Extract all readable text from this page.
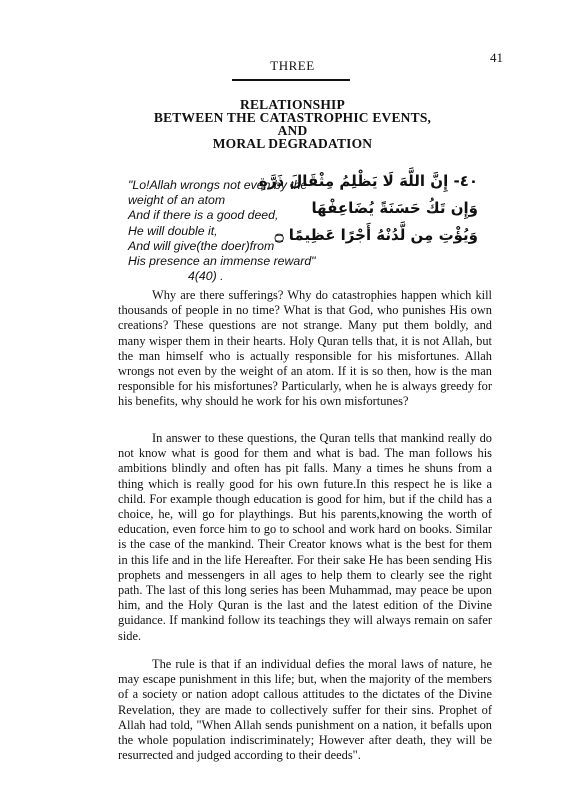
41
THREE
RELATIONSHIP
BETWEEN THE CATASTROPHIC EVENTS,
AND
MORAL DEGRADATION
"Lo!Allah wrongs not even by the
weight of an atom
And if there is a good deed,
He will double it,
And will give(the doer)from
His presence an immense reward"
4(40) .
٤٠- إِنَّ اللَّهَ لَا يَظْلِمُ مِثْقَالَ ذَرَّةٍ
وَإِن تَكُ حَسَنَةً يُضَاعِفْهَا
وَيُؤْتِ مِن لَّدُنْهُ أَجْرًا عَظِيمًا ۝
Why are there sufferings? Why do catastrophies happen which kill thousands of people in no time? What is that God, who punishes His own creations? These questions are not strange. Many put them boldly, and many wisper them in their hearts. Holy Quran tells that, it is not Allah, but the man himself who is actually responsible for his misfortunes. Allah wrongs not even by the weight of an atom. If it is so then, how is the man responsible for his misfortunes? Particularly, when he is always greedy for his benefits, why should he work for his own misfortunes?
In answer to these questions, the Quran tells that mankind really do not know what is good for them and what is bad. The man follows his ambitions blindly and often has pit falls. Many a times he shuns from a thing which is really good for his own future.In this respect he is like a child. For example though education is good for him, but if the child has a choice, he, will go for playthings. But his parents,knowing the worth of education, even force him to go to school and work hard on books. Similar is the case of the mankind. Their Creator knows what is the best for them in this life and in the life Hereafter. For their sake He has been sending His prophets and messengers in all ages to help them to clearly see the right path. The last of this long series has been Muhammad, may peace be upon him, and the Holy Quran is the last and the latest edition of the Divine guidance. If mankind follow its teachings they will always remain on safer side.
The rule is that if an individual defies the moral laws of nature, he may escape punishment in this life; but, when the majority of the members of a society or nation adopt callous attitudes to the dictates of the Divine Revelation, they are made to collectively suffer for their sins. Prophet of Allah had told, "When Allah sends punishment on a nation, it befalls upon the whole population indiscriminately; However after death, they will be resurrected and judged according to their deeds".
